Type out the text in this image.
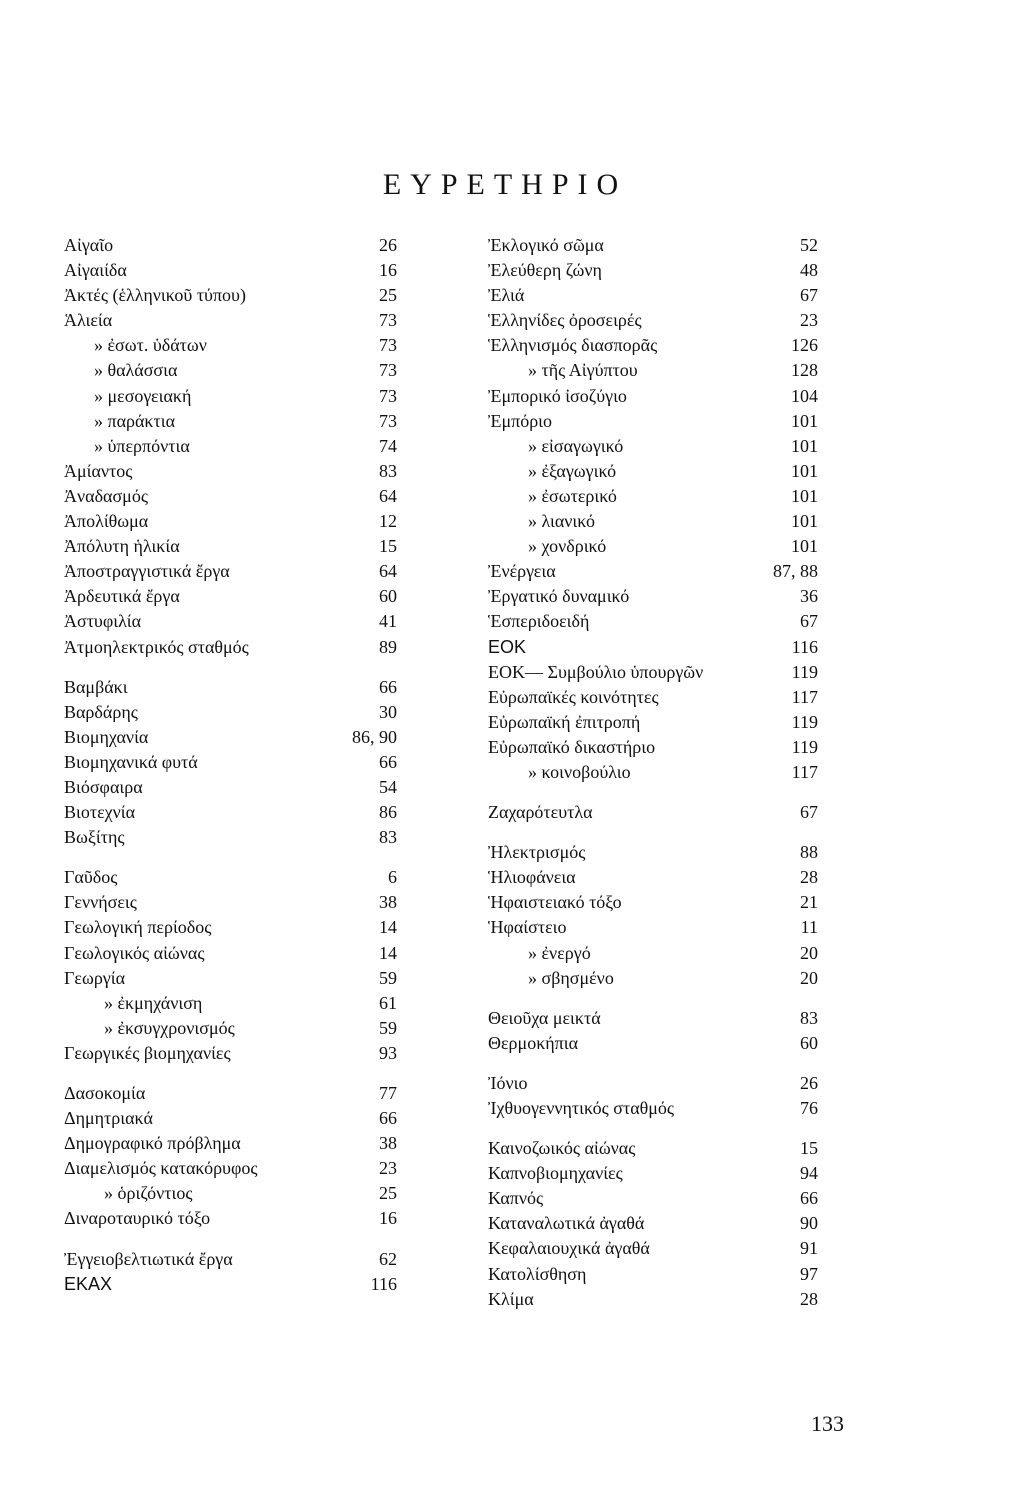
ΕΥΡΕΤΗΡΙΟ
Αἰγαῖο	26
Αἰγαιίδα	16
Ἀκτές (ἑλληνικοῦ τύπου)	25
Ἁλιεία	73
» ἐσωτ. ὑδάτων	73
» θαλάσσια	73
» μεσογειακή	73
» παράκτια	73
» ὑπερπόντια	74
Ἀμίαντος	83
Ἀναδασμός	64
Ἀπολίθωμα	12
Ἀπόλυτη ἡλικία	15
Ἀποστραγγιστικά ἔργα	64
Ἀρδευτικά ἔργα	60
Ἀστυφιλία	41
Ἀτμοηλεκτρικός σταθμός	89
Βαμβάκι	66
Βαρδάρης	30
Βιομηχανία	86, 90
Βιομηχανικά φυτά	66
Βιόσφαιρα	54
Βιοτεχνία	86
Βωξίτης	83
Γαῦδος	6
Γεννήσεις	38
Γεωλογική περίοδος	14
Γεωλογικός αἰώνας	14
Γεωργία	59
» ἐκμηχάνιση	61
» ἐκσυγχρονισμός	59
Γεωργικές βιομηχανίες	93
Δασοκομία	77
Δημητριακά	66
Δημογραφικό πρόβλημα	38
Διαμελισμός κατακόρυφος	23
» ὁριζόντιος	25
Διναροταυρικό τόξο	16
Ἐγγειοβελτιωτικά ἔργα	62
ΕΚΑΧ	116
Ἐκλογικό σῶμα	52
Ἐλεύθερη ζώνη	48
Ἐλιά	67
Ἑλληνίδες ὀροσειρές	23
Ἑλληνισμός διασπορᾶς	126
» τῆς Αἰγύπτου	128
Ἐμπορικό ἰσοζύγιο	104
Ἐμπόριο	101
» εἰσαγωγικό	101
» ἐξαγωγικό	101
» ἐσωτερικό	101
» λιανικό	101
» χονδρικό	101
Ἐνέργεια	87, 88
Ἐργατικό δυναμικό	36
Ἑσπεριδοειδή	67
ΕΟΚ	116
ΕΟΚ— Συμβούλιο ὑπουργῶν	119
Εὐρωπαϊκές κοινότητες	117
Εὐρωπαϊκή ἐπιτροπή	119
Εὐρωπαϊκό δικαστήριο	119
» κοινοβούλιο	117
Ζαχαρότευτλα	67
Ἠλεκτρισμός	88
Ἡλιοφάνεια	28
Ἡφαιστειακό τόξο	21
Ἡφαίστειο	11
» ἐνεργό	20
» σβησμένο	20
Θειοῦχα μεικτά	83
Θερμοκήπια	60
Ἰόνιο	26
Ἰχθυογεννητικός σταθμός	76
Καινοζωικός αἰώνας	15
Καπνοβιομηχανίες	94
Καπνός	66
Καταναλωτικά ἀγαθά	90
Κεφαλαιουχικά ἀγαθά	91
Κατολίσθηση	97
Κλίμα	28
133
